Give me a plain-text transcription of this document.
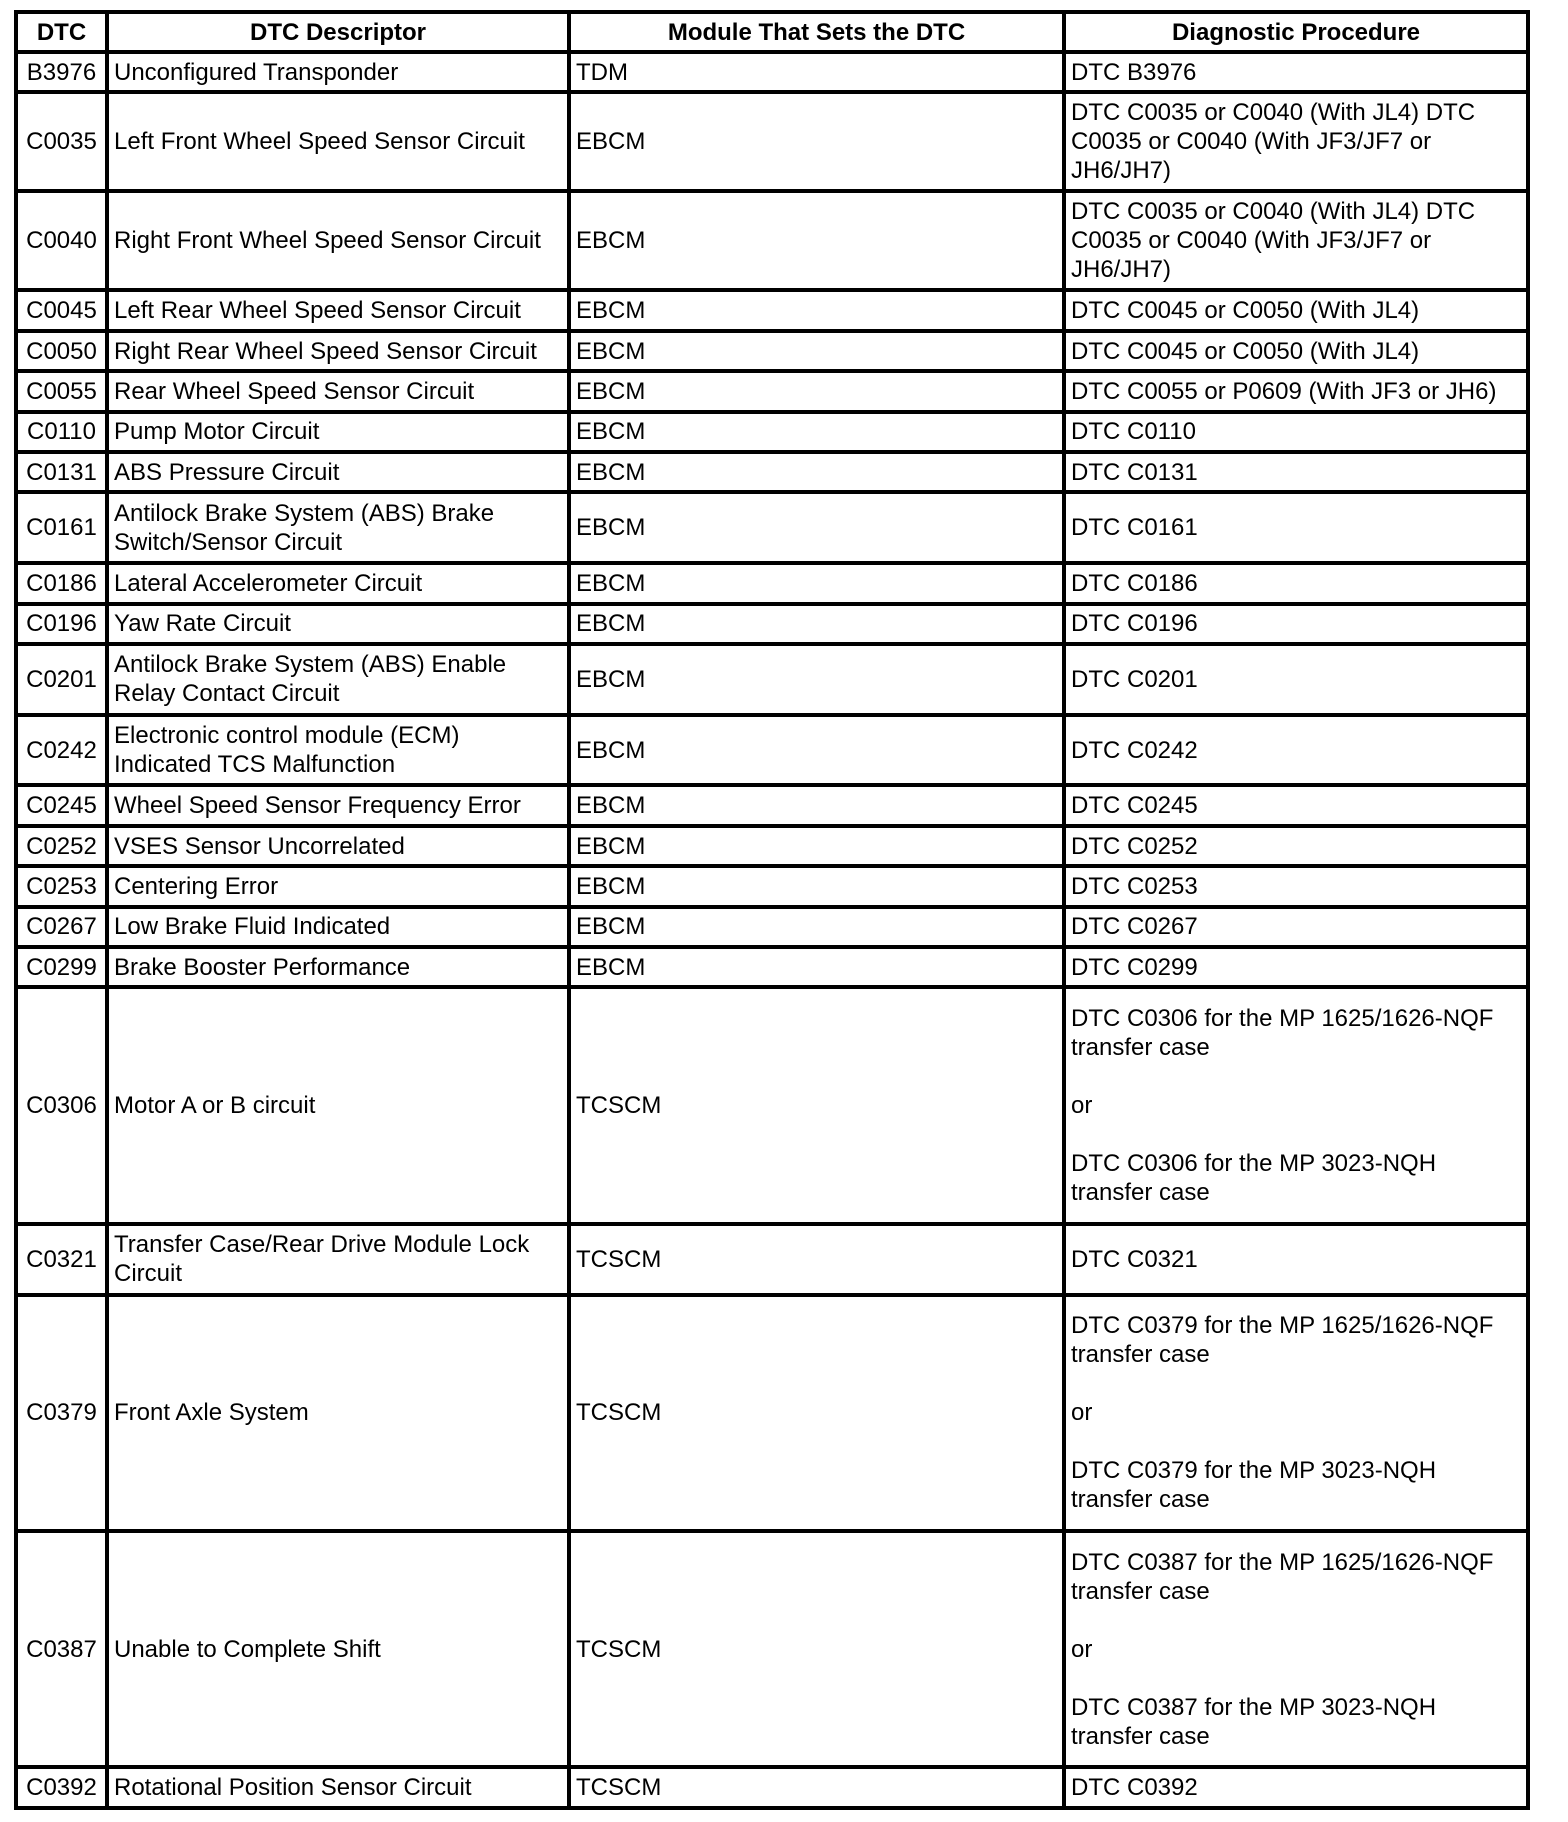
DTC	DTC Descriptor	Module That Sets the DTC	Diagnostic Procedure
B3976	Unconfigured Transponder	TDM	DTC B3976

C0035	Left Front Wheel Speed Sensor Circuit	EBCM	DTC C0035 or C0040 (With JL4) DTC C0035 or C0040 (With JF3/JF7 or JH6/JH7)

C0040	Right Front Wheel Speed Sensor Circuit	EBCM	DTC C0035 or C0040 (With JL4) DTC C0035 or C0040 (With JF3/JF7 or JH6/JH7)

C0045	Left Rear Wheel Speed Sensor Circuit	EBCM	DTC C0045 or C0050 (With JL4)

C0050	Right Rear Wheel Speed Sensor Circuit	EBCM	DTC C0045 or C0050 (With JL4)

C0055	Rear Wheel Speed Sensor Circuit	EBCM	DTC C0055 or P0609 (With JF3 or JH6)

C0110	Pump Motor Circuit	EBCM	DTC C0110

C0131	ABS Pressure Circuit	EBCM	DTC C0131

C0161	Antilock Brake System (ABS) Brake Switch/Sensor Circuit	EBCM	DTC C0161

C0186	Lateral Accelerometer Circuit	EBCM	DTC C0186

C0196	Yaw Rate Circuit	EBCM	DTC C0196

C0201	Antilock Brake System (ABS) Enable Relay Contact Circuit	EBCM	DTC C0201

C0242	Electronic control module (ECM) Indicated TCS Malfunction	EBCM	DTC C0242

C0245	Wheel Speed Sensor Frequency Error	EBCM	DTC C0245

C0252	VSES Sensor Uncorrelated	EBCM	DTC C0252

C0253	Centering Error	EBCM	DTC C0253

C0267	Low Brake Fluid Indicated	EBCM	DTC C0267

C0299	Brake Booster Performance	EBCM	DTC C0299

C0306	Motor A or B circuit	TCSCM	DTC C0306 for the MP 1625/1626-NQF transfer case
or
DTC C0306 for the MP 3023-NQH transfer case

C0321	Transfer Case/Rear Drive Module Lock Circuit	TCSCM	DTC C0321

C0379	Front Axle System	TCSCM	DTC C0379 for the MP 1625/1626-NQF transfer case
or
DTC C0379 for the MP 3023-NQH transfer case

C0387	Unable to Complete Shift	TCSCM	DTC C0387 for the MP 1625/1626-NQF transfer case
or
DTC C0387 for the MP 3023-NQH transfer case

C0392	Rotational Position Sensor Circuit	TCSCM	DTC C0392
